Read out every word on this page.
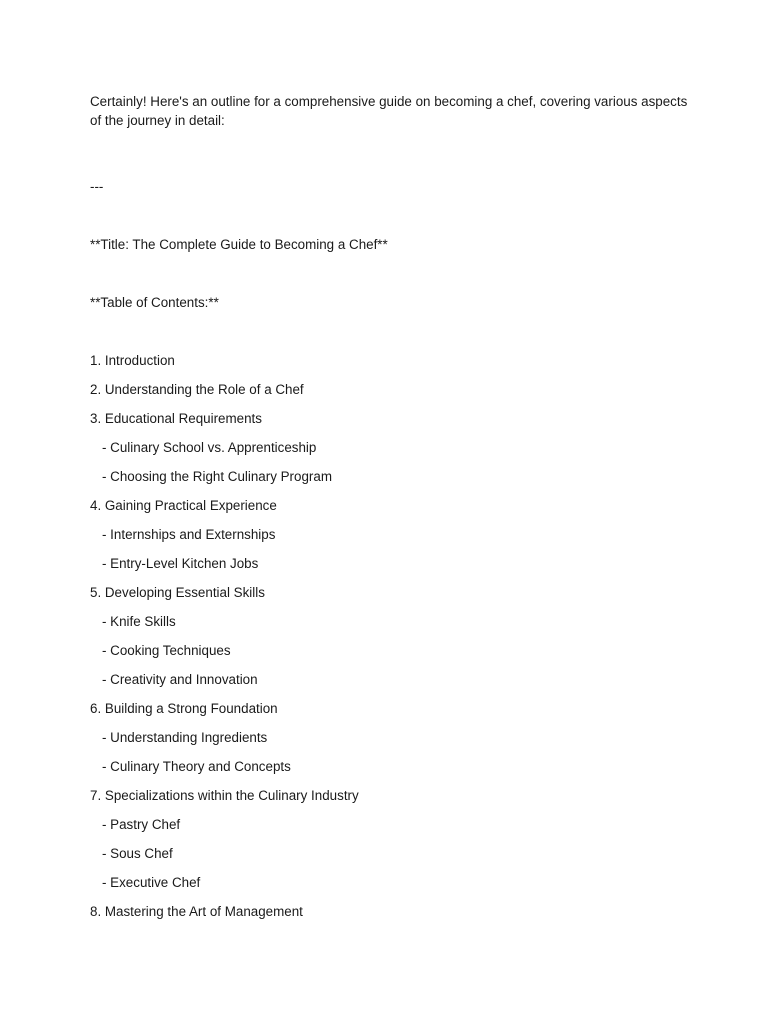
Certainly! Here's an outline for a comprehensive guide on becoming a chef, covering various aspects of the journey in detail:

---

**Title: The Complete Guide to Becoming a Chef**

**Table of Contents:**

1. Introduction
2. Understanding the Role of a Chef
3. Educational Requirements
- Culinary School vs. Apprenticeship
- Choosing the Right Culinary Program
4. Gaining Practical Experience
- Internships and Externships
- Entry-Level Kitchen Jobs
5. Developing Essential Skills
- Knife Skills
- Cooking Techniques
- Creativity and Innovation
6. Building a Strong Foundation
- Understanding Ingredients
- Culinary Theory and Concepts
7. Specializations within the Culinary Industry
- Pastry Chef
- Sous Chef
- Executive Chef
8. Mastering the Art of Management
